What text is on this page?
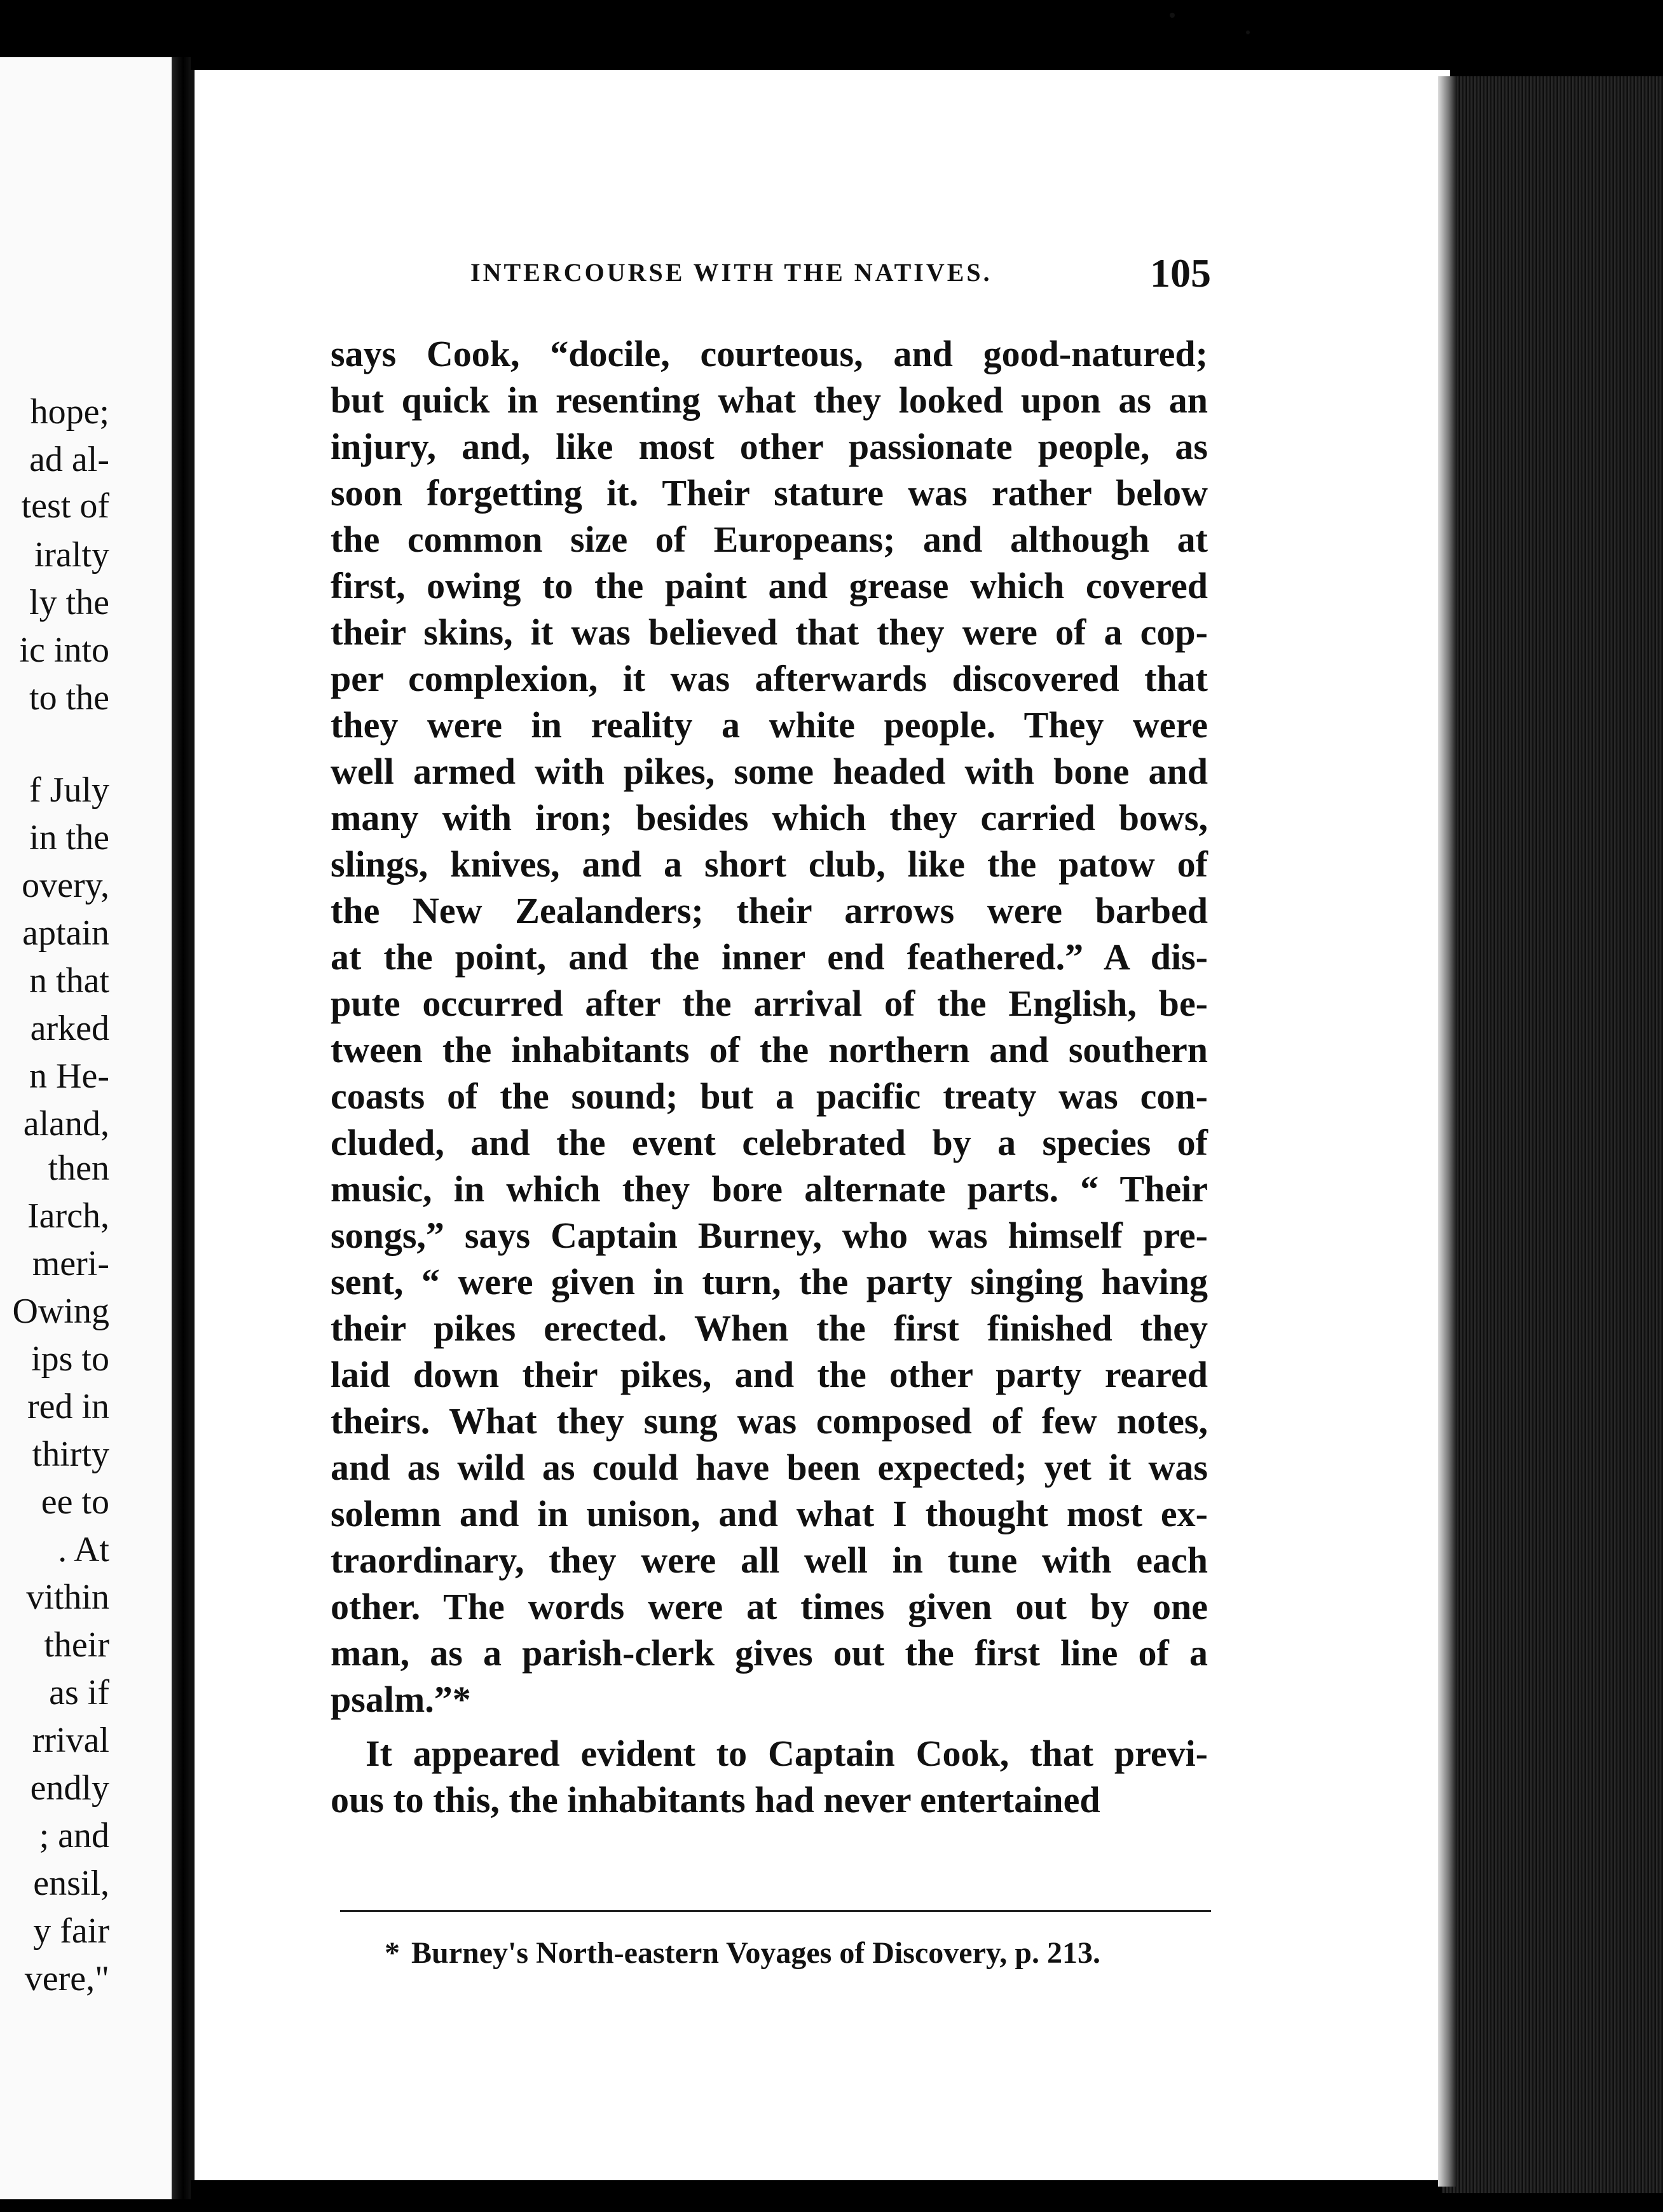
hope;
ad al-
test of
iralty
ly the
ic into
to the
f July
in the
overy,
aptain
n that
arked
n He-
aland,
then
Iarch,
meri-
Owing
ips to
red in
thirty
ee to
. At
vithin
their
as if
rrival
endly
; and
ensil,
y fair
vere,"
INTERCOURSE WITH THE NATIVES.	105
says Cook, “docile, courteous, and good-natured;
but quick in resenting what they looked upon as an
injury, and, like most other passionate people, as
soon forgetting it. Their stature was rather below
the common size of Europeans; and although at
first, owing to the paint and grease which covered
their skins, it was believed that they were of a cop-
per complexion, it was afterwards discovered that
they were in reality a white people. They were
well armed with pikes, some headed with bone and
many with iron; besides which they carried bows,
slings, knives, and a short club, like the patow of
the New Zealanders; their arrows were barbed
at the point, and the inner end feathered.” A dis-
pute occurred after the arrival of the English, be-
tween the inhabitants of the northern and southern
coasts of the sound; but a pacific treaty was con-
cluded, and the event celebrated by a species of
music, in which they bore alternate parts. “ Their
songs,” says Captain Burney, who was himself pre-
sent, “ were given in turn, the party singing having
their pikes erected. When the first finished they
laid down their pikes, and the other party reared
theirs. What they sung was composed of few notes,
and as wild as could have been expected; yet it was
solemn and in unison, and what I thought most ex-
traordinary, they were all well in tune with each
other. The words were at times given out by one
man, as a parish-clerk gives out the first line of a
psalm.”*
It appeared evident to Captain Cook, that previ-
ous to this, the inhabitants had never entertained
* Burney's North-eastern Voyages of Discovery, p. 213.
